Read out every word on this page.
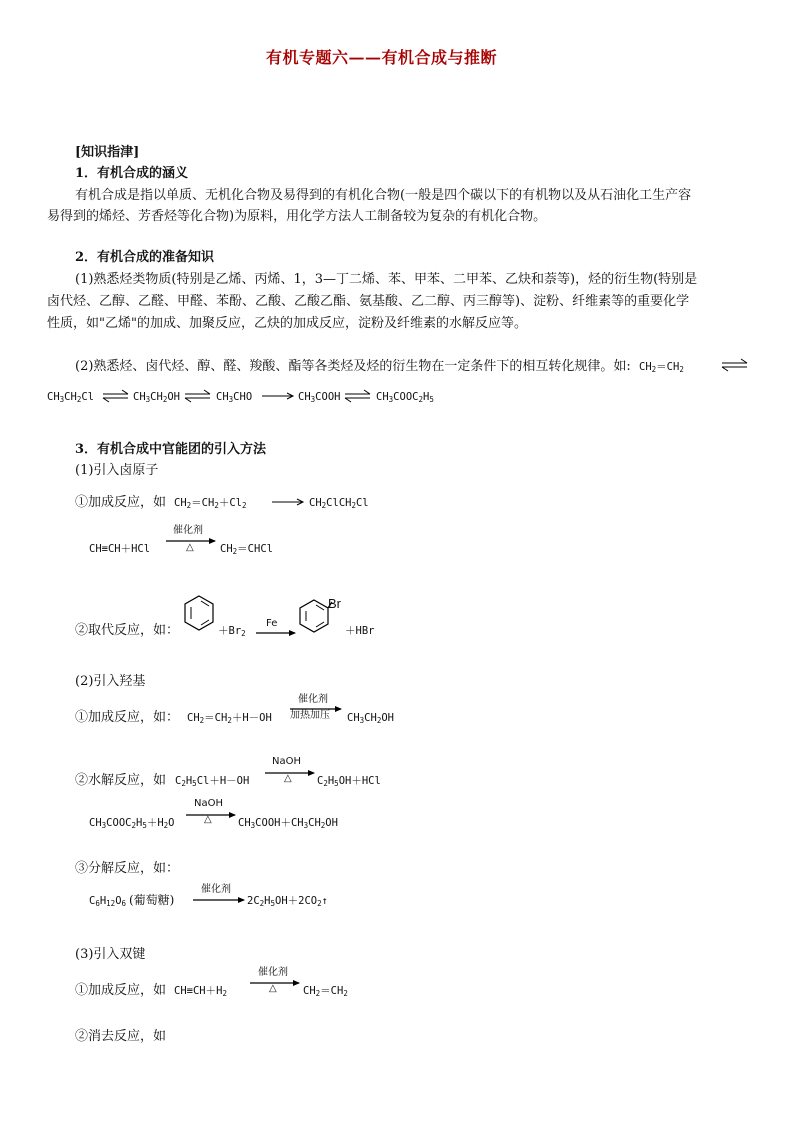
有机专题六——有机合成与推断
[知识指津]
1．有机合成的涵义
有机合成是指以单质、无机化合物及易得到的有机化合物(一般是四个碳以下的有机物以及从石油化工生产容
易得到的烯烃、芳香烃等化合物)为原料，用化学方法人工制备较为复杂的有机化合物。
2．有机合成的准备知识
(1)熟悉烃类物质(特别是乙烯、丙烯、1，3—丁二烯、苯、甲苯、二甲苯、乙炔和萘等)，烃的衍生物(特别是
卤代烃、乙醇、乙醛、甲醛、苯酚、乙酸、乙酸乙酯、氨基酸、乙二醇、丙三醇等)、淀粉、纤维素等的重要化学
性质，如"乙烯"的加成、加聚反应，乙炔的加成反应，淀粉及纤维素的水解反应等。
(2)熟悉烃、卤代烃、醇、醛、羧酸、酯等各类烃及烃的衍生物在一定条件下的相互转化规律。如: $CH_2=CH_2$
$CH_3CH_2Cl$ ⇌ $CH_3CH_2OH$ ⇌ $CH_3CHO$	$CH_3COOH$ ⇌ $CH_3COOC_2H_5$
3．有机合成中官能团的引入方法
(1)引入卤原子
①加成反应，如 $CH_2=CH_2+Cl_2$	$CH_2ClCH_2Cl$
CH≡CH＋HCl
催化剂
△	$CH_2=CHCl$
②取代反应，如：	$+Br_2$
Fe
Br
＋HBr
(2)引入羟基
①加成反应，如： $CH_2=CH_2+H-OH$
催化剂
加热加压 $CH_3CH_2OH$
②水解反应，如 $C_2H_5Cl+H-OH$
NaOH
△ $C_2H_5OH+HCl$
$CH_3COOC_2H_5+H_2O$
NaOH
△	$CH_3COOH+CH_3CH_2OH$
③分解反应，如：
$C_6H_{12}O_6$ (葡萄糖)
催化剂
$2C_2H_5OH+2CO_2↑$
(3)引入双键
①加成反应，如 $CH\equiv CH+H_2$
催化剂
△	$CH_2=CH_2$
②消去反应，如
